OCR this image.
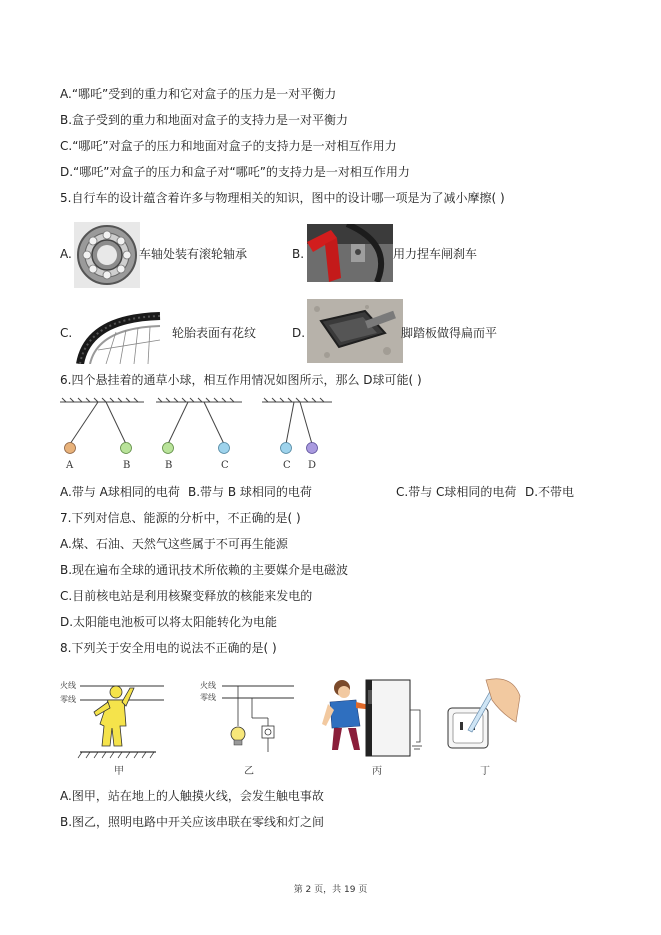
A.“哪吒”受到的重力和它对盒子的压力是一对平衡力
B.盒子受到的重力和地面对盒子的支持力是一对平衡力
C.“哪吒”对盒子的压力和地面对盒子的支持力是一对相互作用力
D.“哪吒”对盒子的压力和盒子对“哪吒”的支持力是一对相互作用力
5.自行车的设计蕴含着许多与物理相关的知识，图中的设计哪一项是为了减小摩擦( )
A.	车轴处装有滚轮轴承	B.	用力捏车闸刹车
C.	轮胎表面有花纹	D.	脚踏板做得扁而平
6.四个悬挂着的通草小球，相互作用情况如图所示，那么 D球可能( )
A	B	B	C	C D
A.带与 A球相同的电荷 B.带与 B 球相同的电荷	C.带与 C球相同的电荷 D.不带电
7.下列对信息、能源的分析中，不正确的是( )
A.煤、石油、天然气这些属于不可再生能源
B.现在遍布全球的通讯技术所依赖的主要媒介是电磁波
C.目前核电站是利用核聚变释放的核能来发电的
D.太阳能电池板可以将太阳能转化为电能
8.下列关于安全用电的说法不正确的是( )
火线
零线
甲
火线
零线
乙	丙	丁
A.图甲，站在地上的人触摸火线，会发生触电事故
B.图乙，照明电路中开关应该串联在零线和灯之间
第 2 页，共 19 页
